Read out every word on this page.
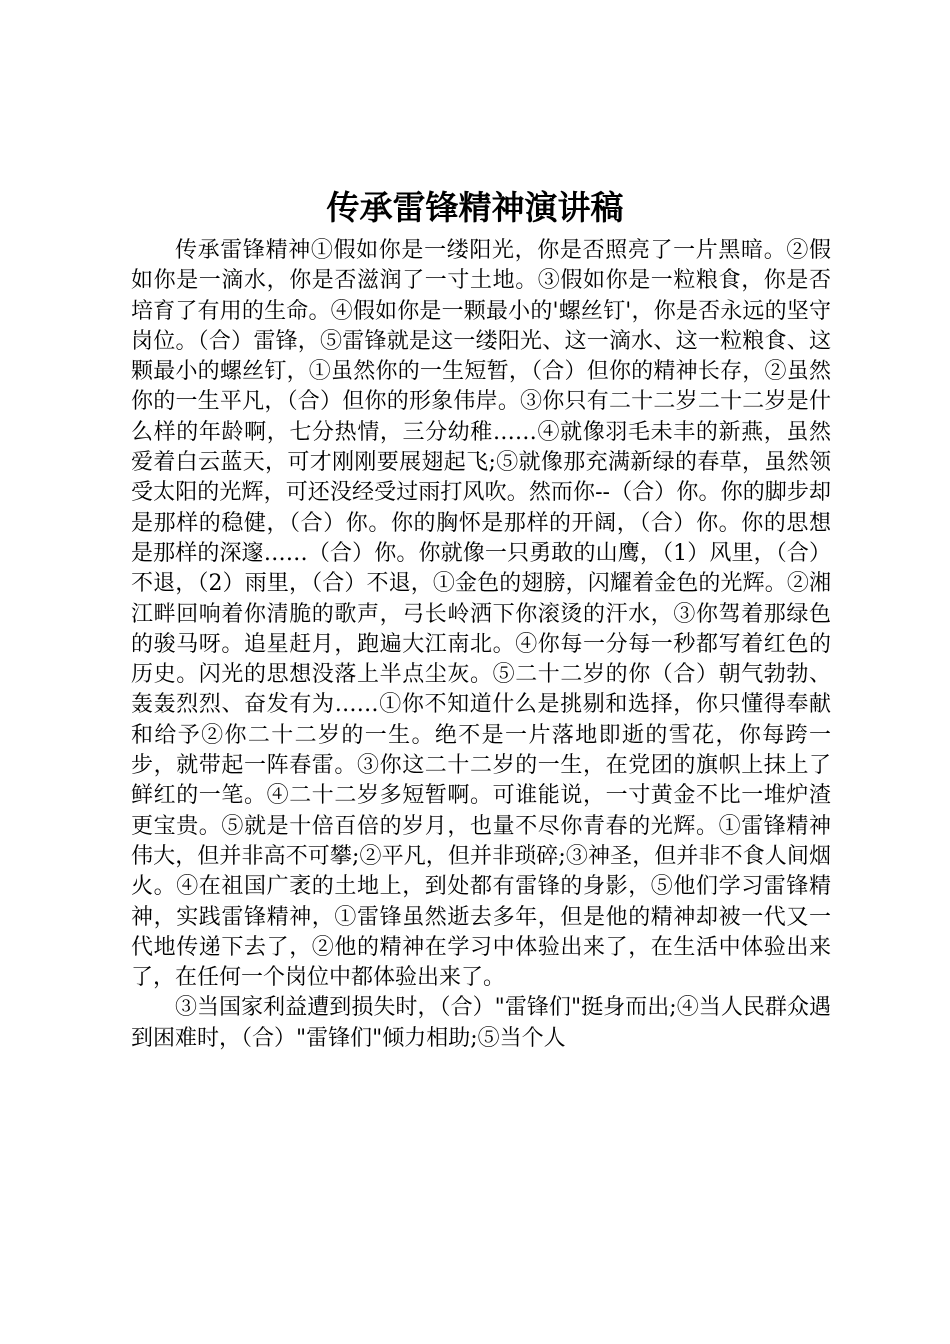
传承雷锋精神演讲稿

传承雷锋精神①假如你是一缕阳光，你是否照亮了一片黑暗。②假如你是一滴水，你是否滋润了一寸土地。③假如你是一粒粮食，你是否培育了有用的生命。④假如你是一颗最小的'螺丝钉'，你是否永远的坚守岗位。（合）雷锋，⑤雷锋就是这一缕阳光、这一滴水、这一粒粮食、这颗最小的螺丝钉，①虽然你的一生短暂，（合）但你的精神长存，②虽然你的一生平凡，（合）但你的形象伟岸。③你只有二十二岁二十二岁是什么样的年龄啊，七分热情，三分幼稚……④就像羽毛未丰的新燕，虽然爱着白云蓝天，可才刚刚要展翅起飞;⑤就像那充满新绿的春草，虽然领受太阳的光辉，可还没经受过雨打风吹。然而你--（合）你。你的脚步却是那样的稳健，（合）你。你的胸怀是那样的开阔，（合）你。你的思想是那样的深邃……（合）你。你就像一只勇敢的山鹰，（1）风里，（合）不退，（2）雨里，（合）不退，①金色的翅膀，闪耀着金色的光辉。②湘江畔回响着你清脆的歌声，弓长岭洒下你滚烫的汗水，③你驾着那绿色的骏马呀。追星赶月，跑遍大江南北。④你每一分每一秒都写着红色的历史。闪光的思想没落上半点尘灰。⑤二十二岁的你（合）朝气勃勃、轰轰烈烈、奋发有为……①你不知道什么是挑剔和选择，你只懂得奉献和给予②你二十二岁的一生。绝不是一片落地即逝的雪花，你每跨一步，就带起一阵春雷。③你这二十二岁的一生，在党团的旗帜上抹上了鲜红的一笔。④二十二岁多短暂啊。可谁能说，一寸黄金不比一堆炉渣更宝贵。⑤就是十倍百倍的岁月，也量不尽你青春的光辉。①雷锋精神伟大，但并非高不可攀;②平凡，但并非琐碎;③神圣，但并非不食人间烟火。④在祖国广袤的土地上，到处都有雷锋的身影，⑤他们学习雷锋精神，实践雷锋精神，①雷锋虽然逝去多年，但是他的精神却被一代又一代地传递下去了，②他的精神在学习中体验出来了，在生活中体验出来了，在任何一个岗位中都体验出来了。

③当国家利益遭到损失时，（合）"雷锋们"挺身而出;④当人民群众遇到困难时，（合）"雷锋们"倾力相助;⑤当个人
